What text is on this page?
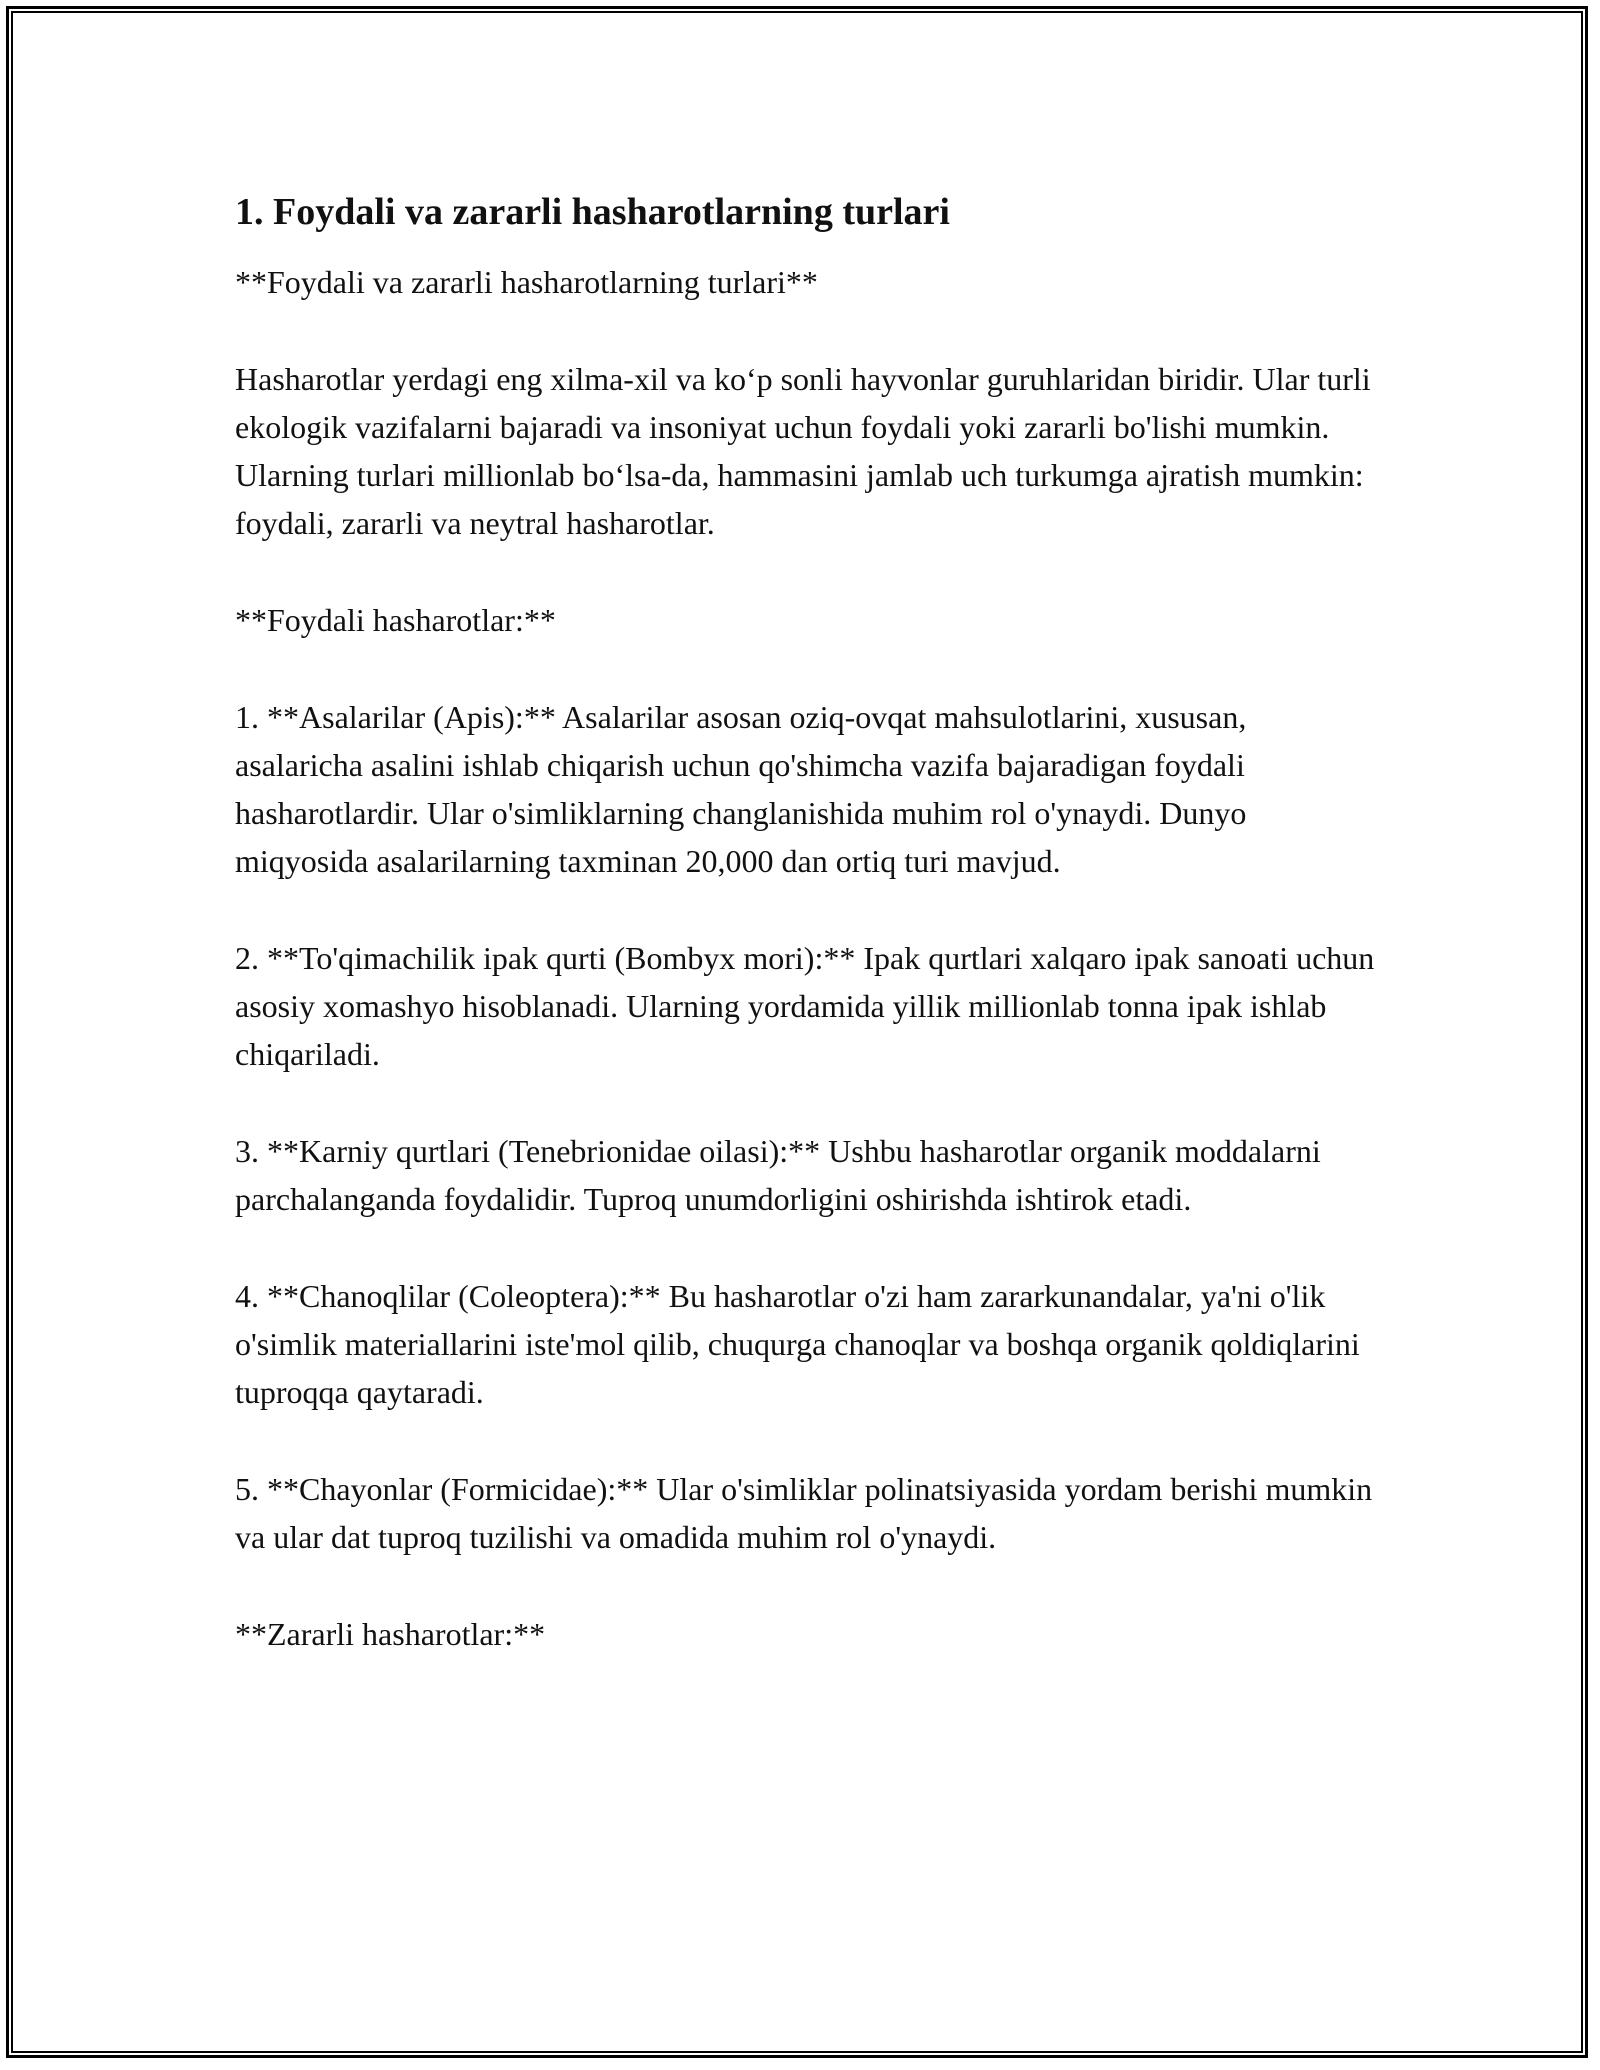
1. Foydali va zararli hasharotlarning turlari

**Foydali va zararli hasharotlarning turlari**

Hasharotlar yerdagi eng xilma-xil va koʻp sonli hayvonlar guruhlaridan biridir. Ular turli ekologik vazifalarni bajaradi va insoniyat uchun foydali yoki zararli bo'lishi mumkin. Ularning turlari millionlab boʻlsa-da, hammasini jamlab uch turkumga ajratish mumkin: foydali, zararli va neytral hasharotlar.

**Foydali hasharotlar:**

1. **Asalarilar (Apis):** Asalarilar asosan oziq-ovqat mahsulotlarini, xususan, asalaricha asalini ishlab chiqarish uchun qo'shimcha vazifa bajaradigan foydali hasharotlardir. Ular o'simliklarning changlanishida muhim rol o'ynaydi. Dunyo miqyosida asalarilarning taxminan 20,000 dan ortiq turi mavjud.

2. **To'qimachilik ipak qurti (Bombyx mori):** Ipak qurtlari xalqaro ipak sanoati uchun asosiy xomashyo hisoblanadi. Ularning yordamida yillik millionlab tonna ipak ishlab chiqariladi.

3. **Karniy qurtlari (Tenebrionidae oilasi):** Ushbu hasharotlar organik moddalarni parchalanganda foydalidir. Tuproq unumdorligini oshirishda ishtirok etadi.

4. **Chanoqlilar (Coleoptera):** Bu hasharotlar o'zi ham zararkunandalar, ya'ni o'lik o'simlik materiallarini iste'mol qilib, chuqurga chanoqlar va boshqa organik qoldiqlarini tuproqqa qaytaradi.

5. **Chayonlar (Formicidae):** Ular o'simliklar polinatsiyasida yordam berishi mumkin va ular dat tuproq tuzilishi va omadida muhim rol o'ynaydi.

**Zararli hasharotlar:**
